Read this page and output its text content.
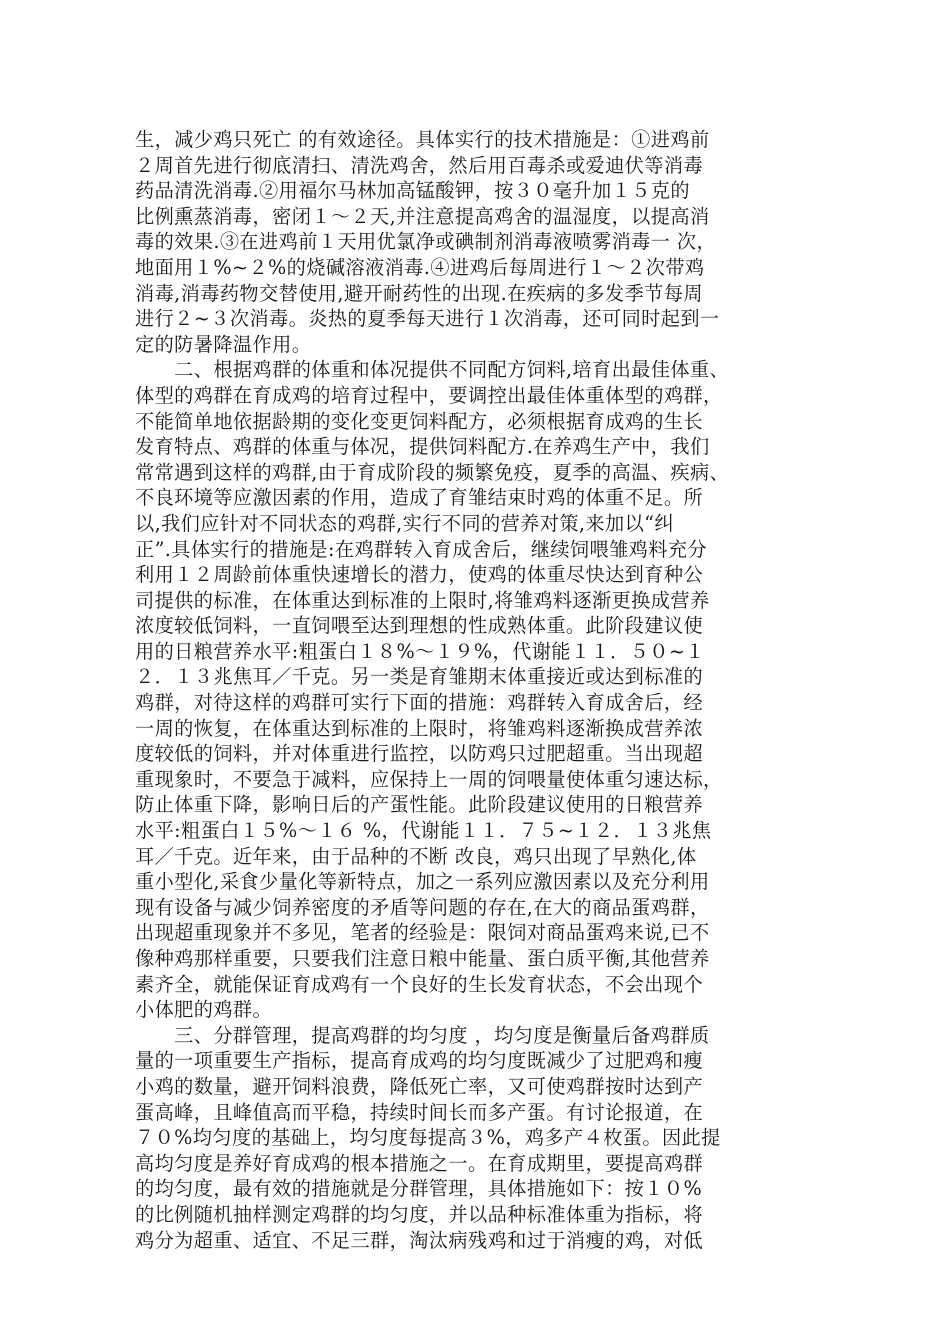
生，减少鸡只死亡 的有效途径。具体实行的技术措施是：①进鸡前
２周首先进行彻底清扫、清洗鸡舍，然后用百毒杀或爱迪伏等消毒
药品清洗消毒.②用福尔马林加高锰酸钾，按３０毫升加１５克的
比例熏蒸消毒，密闭１～２天,并注意提高鸡舍的温湿度，以提高消
毒的效果.③在进鸡前１天用优氯净或碘制剂消毒液喷雾消毒一 次，
地面用１%~２%的烧碱溶液消毒.④进鸡后每周进行１～２次带鸡
消毒,消毒药物交替使用,避开耐药性的出现.在疾病的多发季节每周
进行２~３次消毒。炎热的夏季每天进行１次消毒，还可同时起到一
定的防暑降温作用。
　　二、根据鸡群的体重和体况提供不同配方饲料,培育出最佳体重、
体型的鸡群在育成鸡的培育过程中，要调控出最佳体重体型的鸡群，
不能简单地依据龄期的变化变更饲料配方，必须根据育成鸡的生长
发育特点、鸡群的体重与体况，提供饲料配方.在养鸡生产中，我们
常常遇到这样的鸡群,由于育成阶段的频繁免疫，夏季的高温、疾病、
不良环境等应激因素的作用，造成了育雏结束时鸡的体重不足。所
以,我们应针对不同状态的鸡群,实行不同的营养对策,来加以“纠
正”.具体实行的措施是:在鸡群转入育成舍后，继续饲喂雏鸡料充分
利用１２周龄前体重快速增长的潜力，使鸡的体重尽快达到育种公
司提供的标准，在体重达到标准的上限时,将雏鸡料逐渐更换成营养
浓度较低饲料，一直饲喂至达到理想的性成熟体重。此阶段建议使
用的日粮营养水平:粗蛋白１８%～１９%，代谢能１１．５０~１
２．１３兆焦耳／千克。另一类是育雏期末体重接近或达到标准的
鸡群，对待这样的鸡群可实行下面的措施：鸡群转入育成舍后，经
一周的恢复，在体重达到标准的上限时，将雏鸡料逐渐换成营养浓
度较低的饲料，并对体重进行监控，以防鸡只过肥超重。当出现超
重现象时，不要急于减料，应保持上一周的饲喂量使体重匀速达标，
防止体重下降，影响日后的产蛋性能。此阶段建议使用的日粮营养
水平:粗蛋白１５%～１６ %，代谢能１１．７５~１２．１３兆焦
耳／千克。近年来，由于品种的不断 改良，鸡只出现了早熟化,体
重小型化,采食少量化等新特点，加之一系列应激因素以及充分利用
现有设备与减少饲养密度的矛盾等问题的存在,在大的商品蛋鸡群，
出现超重现象并不多见，笔者的经验是：限饲对商品蛋鸡来说,已不
像种鸡那样重要，只要我们注意日粮中能量、蛋白质平衡,其他营养
素齐全，就能保证育成鸡有一个良好的生长发育状态，不会出现个
小体肥的鸡群。
　　三、分群管理，提高鸡群的均匀度 ，均匀度是衡量后备鸡群质
量的一项重要生产指标，提高育成鸡的均匀度既减少了过肥鸡和瘦
小鸡的数量，避开饲料浪费，降低死亡率，又可使鸡群按时达到产
蛋高峰，且峰值高而平稳，持续时间长而多产蛋。有讨论报道，在
７０%均匀度的基础上，均匀度每提高３%，鸡多产４枚蛋。因此提
高均匀度是养好育成鸡的根本措施之一。在育成期里，要提高鸡群
的均匀度，最有效的措施就是分群管理，具体措施如下：按１０%
的比例随机抽样测定鸡群的均匀度，并以品种标准体重为指标，将
鸡分为超重、适宜、不足三群，淘汰病残鸡和过于消瘦的鸡，对低
